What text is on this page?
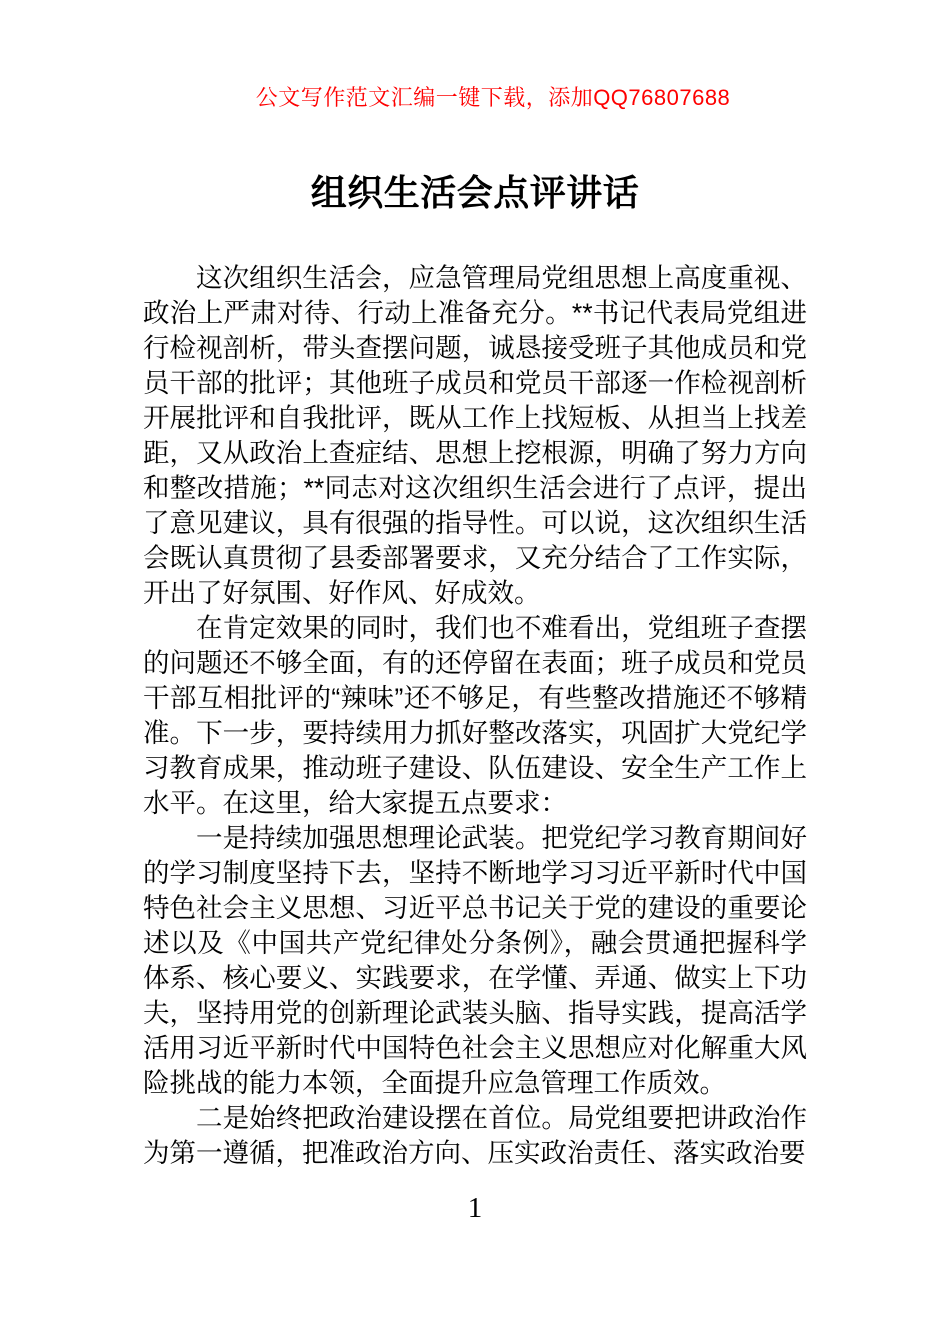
公文写作范文汇编一键下载，添加QQ76807688
组织生活会点评讲话

这次组织生活会，应急管理局党组思想上高度重视、政治上严肃对待、行动上准备充分。**书记代表局党组进行检视剖析，带头查摆问题，诚恳接受班子其他成员和党员干部的批评；其他班子成员和党员干部逐一作检视剖析开展批评和自我批评，既从工作上找短板、从担当上找差距，又从政治上查症结、思想上挖根源，明确了努力方向和整改措施；**同志对这次组织生活会进行了点评，提出了意见建议，具有很强的指导性。可以说，这次组织生活会既认真贯彻了县委部署要求，又充分结合了工作实际，开出了好氛围、好作风、好成效。

在肯定效果的同时，我们也不难看出，党组班子查摆的问题还不够全面，有的还停留在表面；班子成员和党员干部互相批评的“辣味”还不够足，有些整改措施还不够精准。下一步，要持续用力抓好整改落实，巩固扩大党纪学习教育成果，推动班子建设、队伍建设、安全生产工作上水平。在这里，给大家提五点要求：

一是持续加强思想理论武装。把党纪学习教育期间好的学习制度坚持下去，坚持不断地学习习近平新时代中国特色社会主义思想、习近平总书记关于党的建设的重要论述以及《中国共产党纪律处分条例》，融会贯通把握科学体系、核心要义、实践要求，在学懂、弄通、做实上下功夫，坚持用党的创新理论武装头脑、指导实践，提高活学活用习近平新时代中国特色社会主义思想应对化解重大风险挑战的能力本领，全面提升应急管理工作质效。

二是始终把政治建设摆在首位。局党组要把讲政治作为第一遵循，把准政治方向、压实政治责任、落实政治要

1
